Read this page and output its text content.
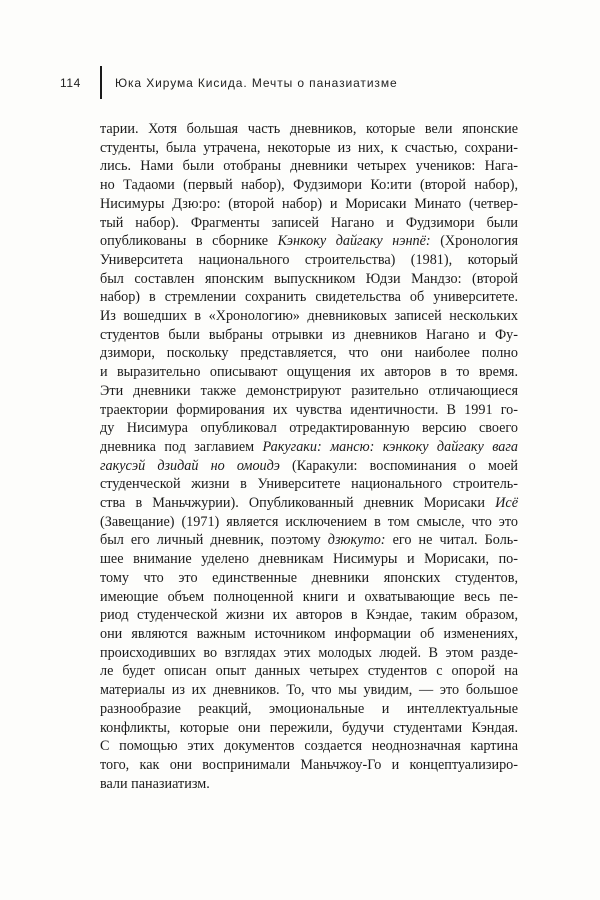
114	Юка Хирума Кисида. Мечты о паназиатизме
тарии. Хотя большая часть дневников, которые вели японские
студенты, была утрачена, некоторые из них, к счастью, сохрани-
лись. Нами были отобраны дневники четырех учеников: Нага-
но Тадаоми (первый набор), Фудзимори Ко:ити (второй набор),
Нисимуры Дзю:ро: (второй набор) и Морисаки Минато (четвер-
тый набор). Фрагменты записей Нагано и Фудзимори были
опубликованы в сборнике Кэнкоку дайгаку нэнпё: (Хронология
Университета национального строительства) (1981), который
был составлен японским выпускником Юдзи Мандзо: (второй
набор) в стремлении сохранить свидетельства об университете.
Из вошедших в «Хронологию» дневниковых записей нескольких
студентов были выбраны отрывки из дневников Нагано и Фу-
дзимори, поскольку представляется, что они наиболее полно
и выразительно описывают ощущения их авторов в то время.
Эти дневники также демонстрируют разительно отличающиеся
траектории формирования их чувства идентичности. В 1991 го-
ду Нисимура опубликовал отредактированную версию своего
дневника под заглавием Ракугаки: мансю: кэнкоку дайгаку вага
гакусэй дзидай но омоидэ (Каракули: воспоминания о моей
студенческой жизни в Университете национального строитель-
ства в Маньчжурии). Опубликованный дневник Морисаки Исё
(Завещание) (1971) является исключением в том смысле, что это
был его личный дневник, поэтому дзюкуто: его не читал. Боль-
шее внимание уделено дневникам Нисимуры и Морисаки, по-
тому что это единственные дневники японских студентов,
имеющие объем полноценной книги и охватывающие весь пе-
риод студенческой жизни их авторов в Кэндае, таким образом,
они являются важным источником информации об изменениях,
происходивших во взглядах этих молодых людей. В этом разде-
ле будет описан опыт данных четырех студентов с опорой на
материалы из их дневников. То, что мы увидим, — это большое
разнообразие реакций, эмоциональные и интеллектуальные
конфликты, которые они пережили, будучи студентами Кэндая.
С помощью этих документов создается неоднозначная картина
того, как они воспринимали Маньчжоу-Го и концептуализиро-
вали паназиатизм.
